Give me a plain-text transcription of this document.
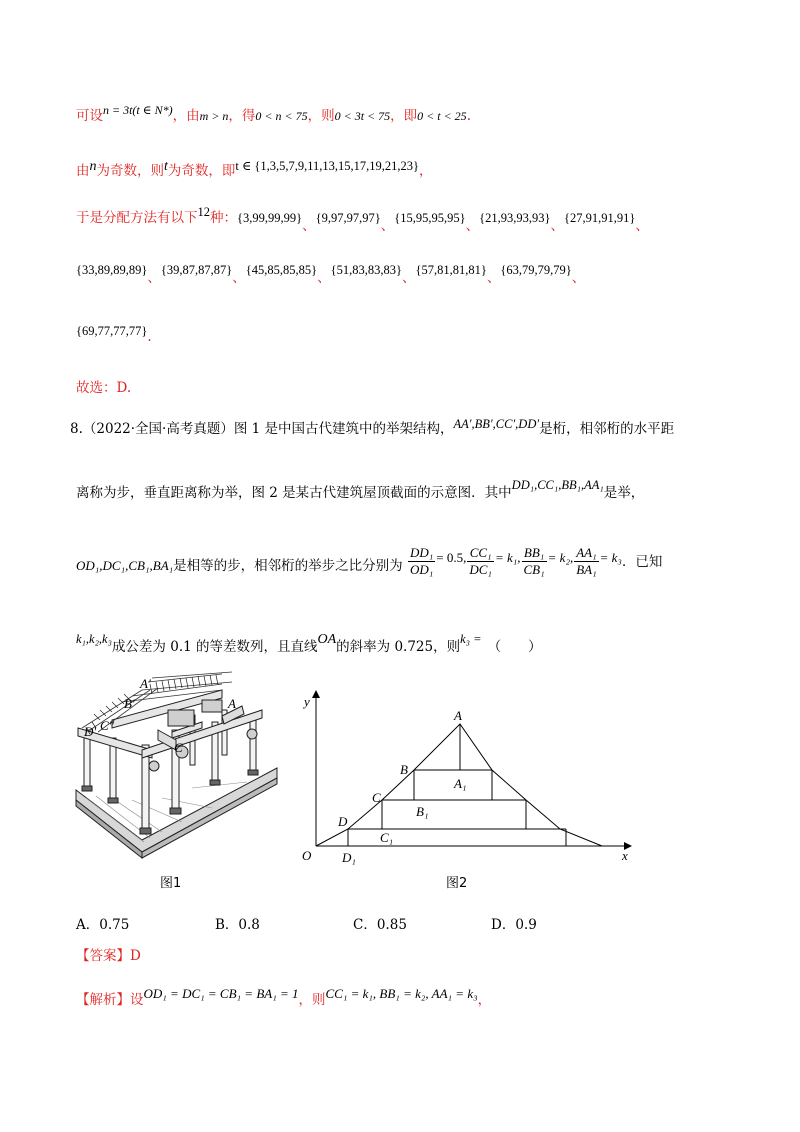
可设n = 3t(t ∈ N*)，由m > n，得0 < n < 75，则0 < 3t < 75，即0 < t < 25.
由n为奇数，则t为奇数，即t ∈ {1,3,5,7,9,11,13,15,17,19,21,23}，
于是分配方法有以下12种：{3,99,99,99}、{9,97,97,97}、{15,95,95,95}、{21,93,93,93}、{27,91,91,91}、
{33,89,89,89}、{39,87,87,87}、{45,85,85,85}、{51,83,83,83}、{57,81,81,81}、{63,79,79,79}、
{69,77,77,77}.
故选：D.
8.（2022·全国·高考真题）图 1 是中国古代建筑中的举架结构，AA′,BB′,CC′,DD′是桁，相邻桁的水平距
离称为步，垂直距离称为举，图 2 是某古代建筑屋顶截面的示意图．其中DD₁,CC₁,BB₁,AA₁是举，
OD₁,DC₁,CB₁,BA₁是相等的步，相邻桁的举步之比分别为 $\frac{\text{DD₁}}{\text{OD₁}} = 0.5$, $\frac{\text{CC₁}}{\text{DC₁}} = k_1$, $\frac{\text{BB₁}}{\text{CB₁}} = k_2$, $\frac{\text{AA₁}}{\text{BA₁}} = k_3$．已知
k₁,k₂,k₃成公差为 0.1 的等差数列，且直线OA的斜率为 0.725，则k₃ = （　　）
A′
B′
C″
D′
A
C
图1
y
x
O
A
B
C
D
A₁
B₁
C₁
D₁
图2
A．0.75	B．0.8	C．0.85	D．0.9
【答案】D
【解析】设OD₁ = DC₁ = CB₁ = BA₁ = 1，则CC₁ = k₁, BB₁ = k₂, AA₁ = k₃，
